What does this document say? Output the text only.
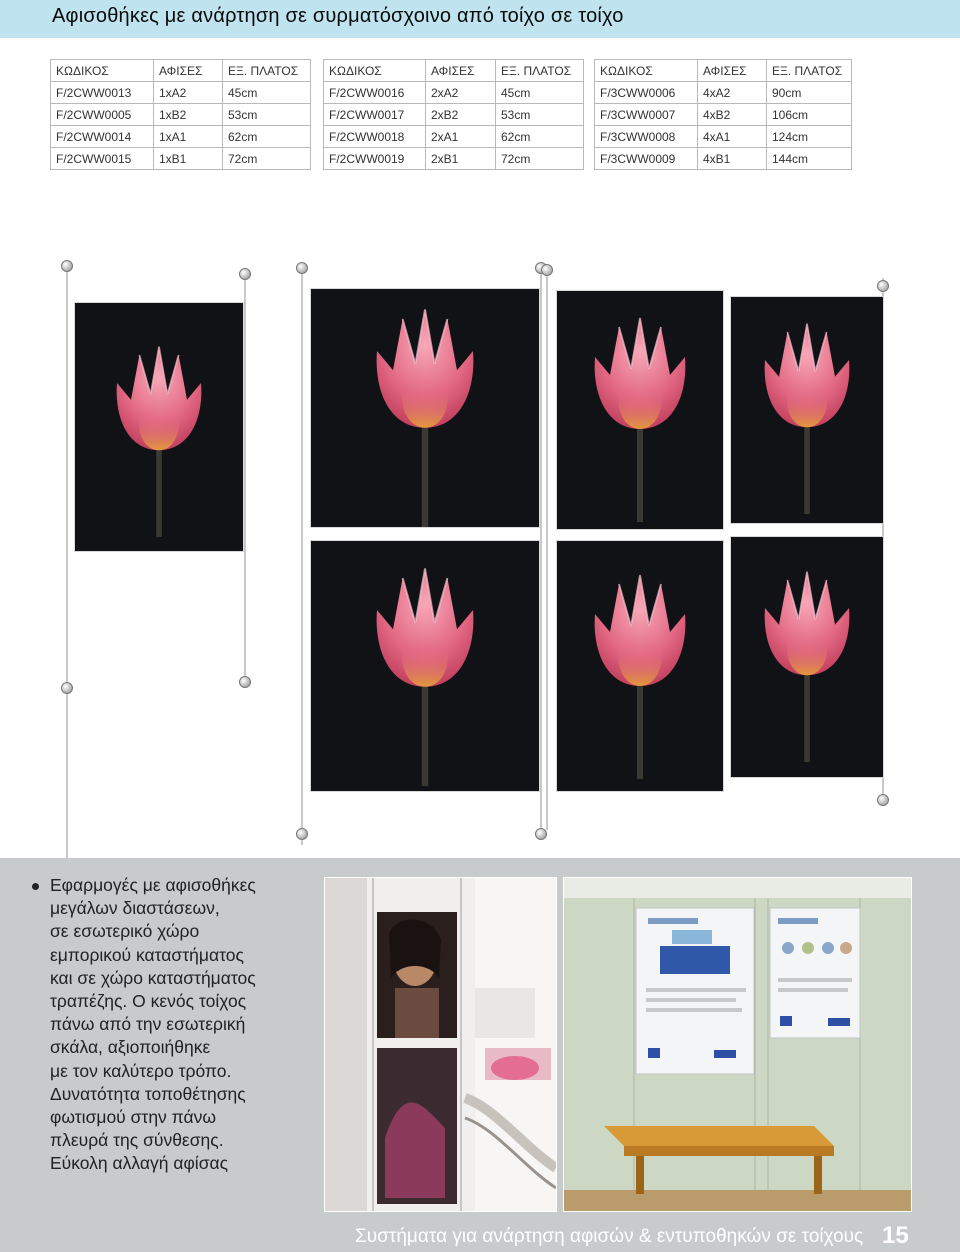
Αφισοθήκες με ανάρτηση σε συρματόσχοινο από τοίχο σε τοίχο
ΚΩΔΙΚΟΣ	ΑΦΙΣΕΣ	ΕΞ. ΠΛΑΤΟΣ
F/2CWW0013	1xA2	45cm
F/2CWW0005	1xB2	53cm
F/2CWW0014	1xA1	62cm
F/2CWW0015	1xB1	72cm
ΚΩΔΙΚΟΣ	ΑΦΙΣΕΣ	ΕΞ. ΠΛΑΤΟΣ
F/2CWW0016	2xA2	45cm
F/2CWW0017	2xB2	53cm
F/2CWW0018	2xA1	62cm
F/2CWW0019	2xB1	72cm
ΚΩΔΙΚΟΣ	ΑΦΙΣΕΣ	ΕΞ. ΠΛΑΤΟΣ
F/3CWW0006	4xA2	90cm
F/3CWW0007	4xB2	106cm
F/3CWW0008	4xA1	124cm
F/3CWW0009	4xB1	144cm
Εφαρμογές με αφισοθήκες
μεγάλων διαστάσεων,
σε εσωτερικό χώρο
εμπορικού καταστήματος
και σε χώρο καταστήματος
τραπέζης. Ο κενός τοίχος
πάνω από την εσωτερική
σκάλα, αξιοποιήθηκε
με τον καλύτερο τρόπο.
Δυνατότητα τοποθέτησης
φωτισμού στην πάνω
πλευρά της σύνθεσης.
Εύκολη αλλαγή αφίσας
Συστήματα για ανάρτηση αφισών & εντυποθηκών σε τοίχους 15
